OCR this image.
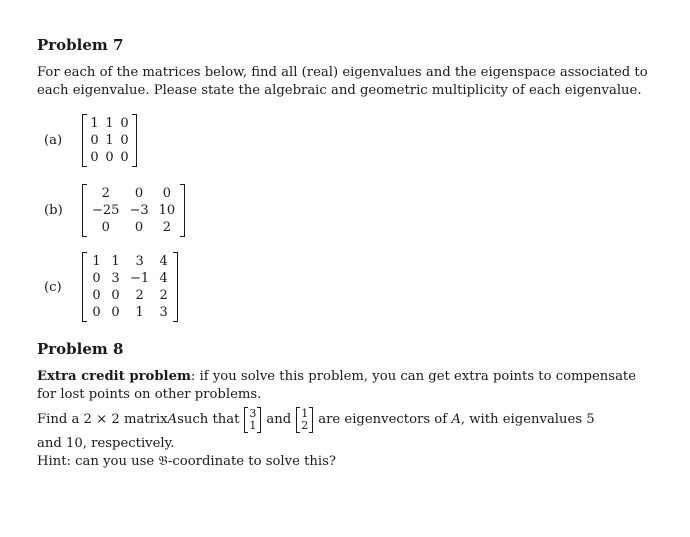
Problem 7

For each of the matrices below, find all (real) eigenvalues and the eigenspace associated to
each eigenvalue. Please state the algebraic and geometric multiplicity of each eigenvalue.

(a)
1	1	0
0	1	0
0	0	0
(b)
2	0	0
−25	−3	10
0	0	2
(c)
1	1	3	4
0	3	−1	4
0	0	2	2
0	0	1	3

Problem 8

Extra credit problem: if you solve this problem, you can get extra points to compensate
for lost points on other problems.

Find a 2 × 2 matrix A such that 3
1 and 1
2 are eigenvectors of
A , with eigenvalues 5

and 10, respectively.

Hint: can you use 𝔅-coordinate to solve this?
